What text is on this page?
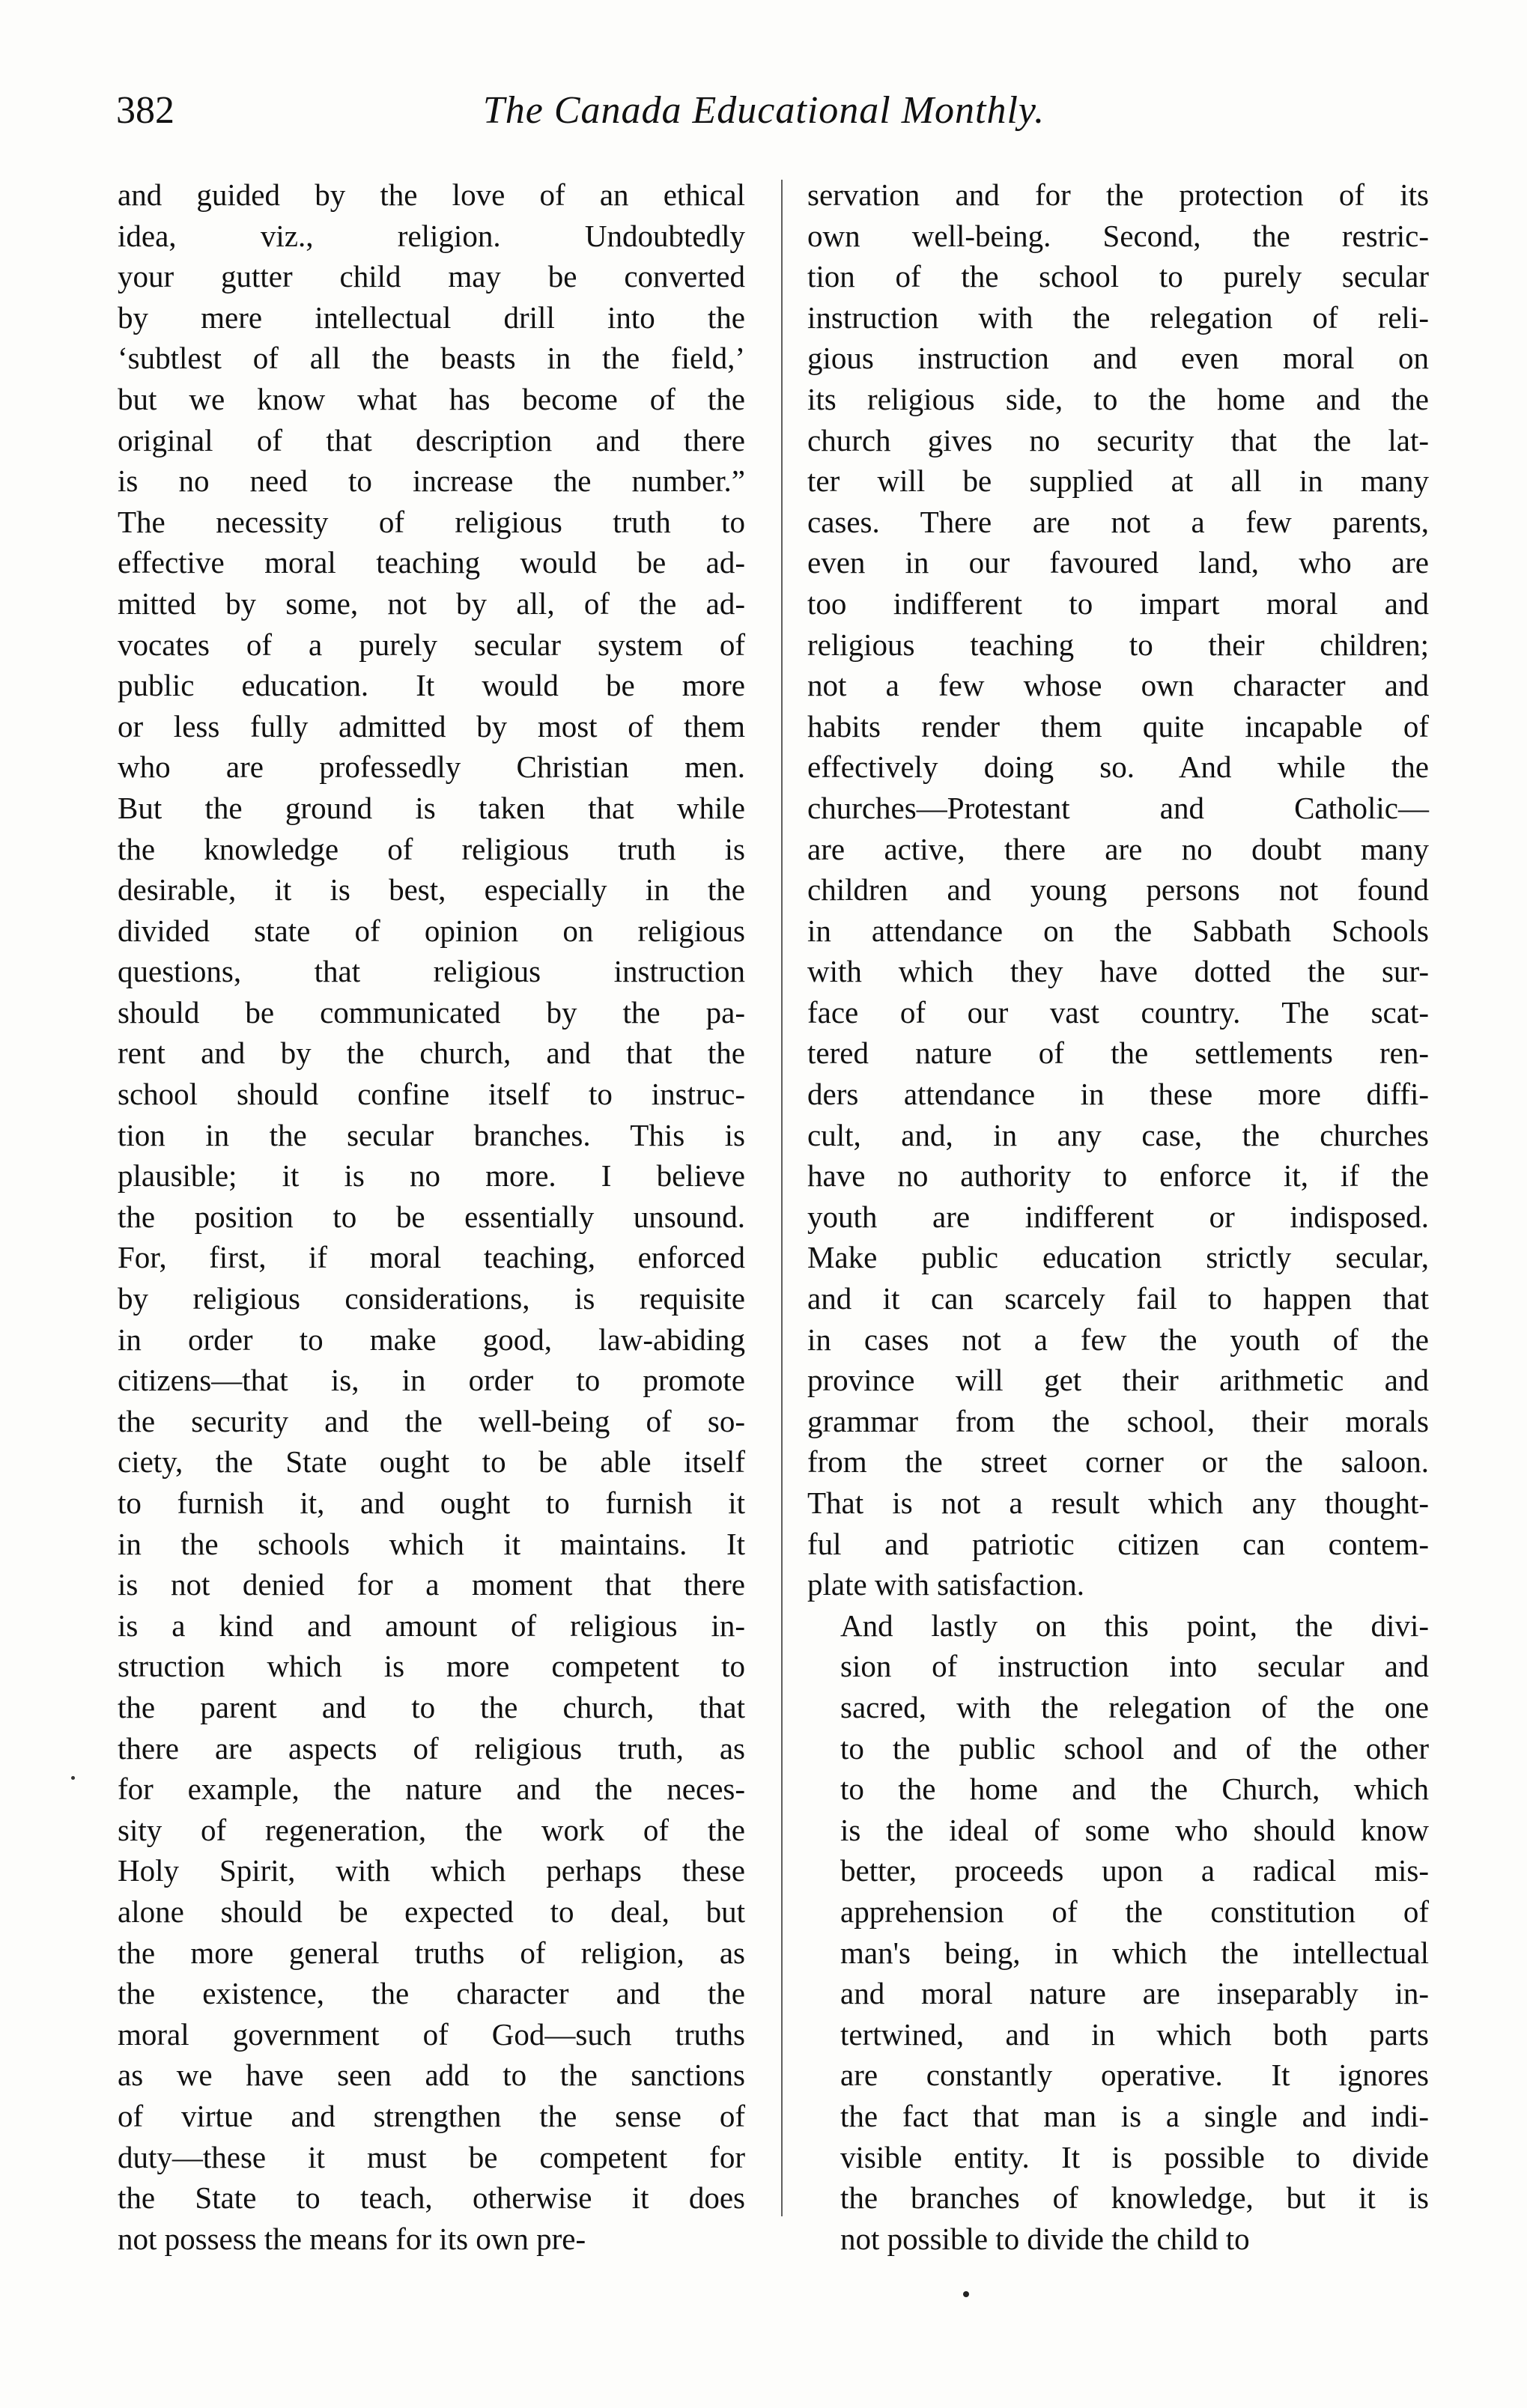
382	The Canada Educational Monthly.

and guided by the love of an ethical
idea, viz., religion. Undoubtedly
your gutter child may be converted
by mere intellectual drill into the
‘subtlest of all the beasts in the field,’
but we know what has become of the
original of that description and there
is no need to increase the number.”
The necessity of religious truth to
effective moral teaching would be ad-
mitted by some, not by all, of the ad-
vocates of a purely secular system of
public education. It would be more
or less fully admitted by most of them
who are professedly Christian men.
But the ground is taken that while
the knowledge of religious truth is
desirable, it is best, especially in the
divided state of opinion on religious
questions, that religious instruction
should be communicated by the pa-
rent and by the church, and that the
school should confine itself to instruc-
tion in the secular branches. This is
plausible; it is no more. I believe
the position to be essentially unsound.
For, first, if moral teaching, enforced
by religious considerations, is requisite
in order to make good, law-abiding
citizens—that is, in order to promote
the security and the well-being of so-
ciety, the State ought to be able itself
to furnish it, and ought to furnish it
in the schools which it maintains. It
is not denied for a moment that there
is a kind and amount of religious in-
struction which is more competent to
the parent and to the church, that
there are aspects of religious truth, as
for example, the nature and the neces-
sity of regeneration, the work of the
Holy Spirit, with which perhaps these
alone should be expected to deal, but
the more general truths of religion, as
the existence, the character and the
moral government of God—such truths
as we have seen add to the sanctions
of virtue and strengthen the sense of
duty—these it must be competent for
the State to teach, otherwise it does
not possess the means for its own pre-

servation and for the protection of its
own well-being. Second, the restric-
tion of the school to purely secular
instruction with the relegation of reli-
gious instruction and even moral on
its religious side, to the home and the
church gives no security that the lat-
ter will be supplied at all in many
cases. There are not a few parents,
even in our favoured land, who are
too indifferent to impart moral and
religious teaching to their children;
not a few whose own character and
habits render them quite incapable of
effectively doing so. And while the
churches—Protestant and Catholic—
are active, there are no doubt many
children and young persons not found
in attendance on the Sabbath Schools
with which they have dotted the sur-
face of our vast country. The scat-
tered nature of the settlements ren-
ders attendance in these more diffi-
cult, and, in any case, the churches
have no authority to enforce it, if the
youth are indifferent or indisposed.
Make public education strictly secular,
and it can scarcely fail to happen that
in cases not a few the youth of the
province will get their arithmetic and
grammar from the school, their morals
from the street corner or the saloon.
That is not a result which any thought-
ful and patriotic citizen can contem-
plate with satisfaction.

And lastly on this point, the divi-
sion of instruction into secular and
sacred, with the relegation of the one
to the public school and of the other
to the home and the Church, which
is the ideal of some who should know
better, proceeds upon a radical mis-
apprehension of the constitution of
man's being, in which the intellectual
and moral nature are inseparably in-
tertwined, and in which both parts
are constantly operative. It ignores
the fact that man is a single and indi-
visible entity. It is possible to divide
the branches of knowledge, but it is
not possible to divide the child to
